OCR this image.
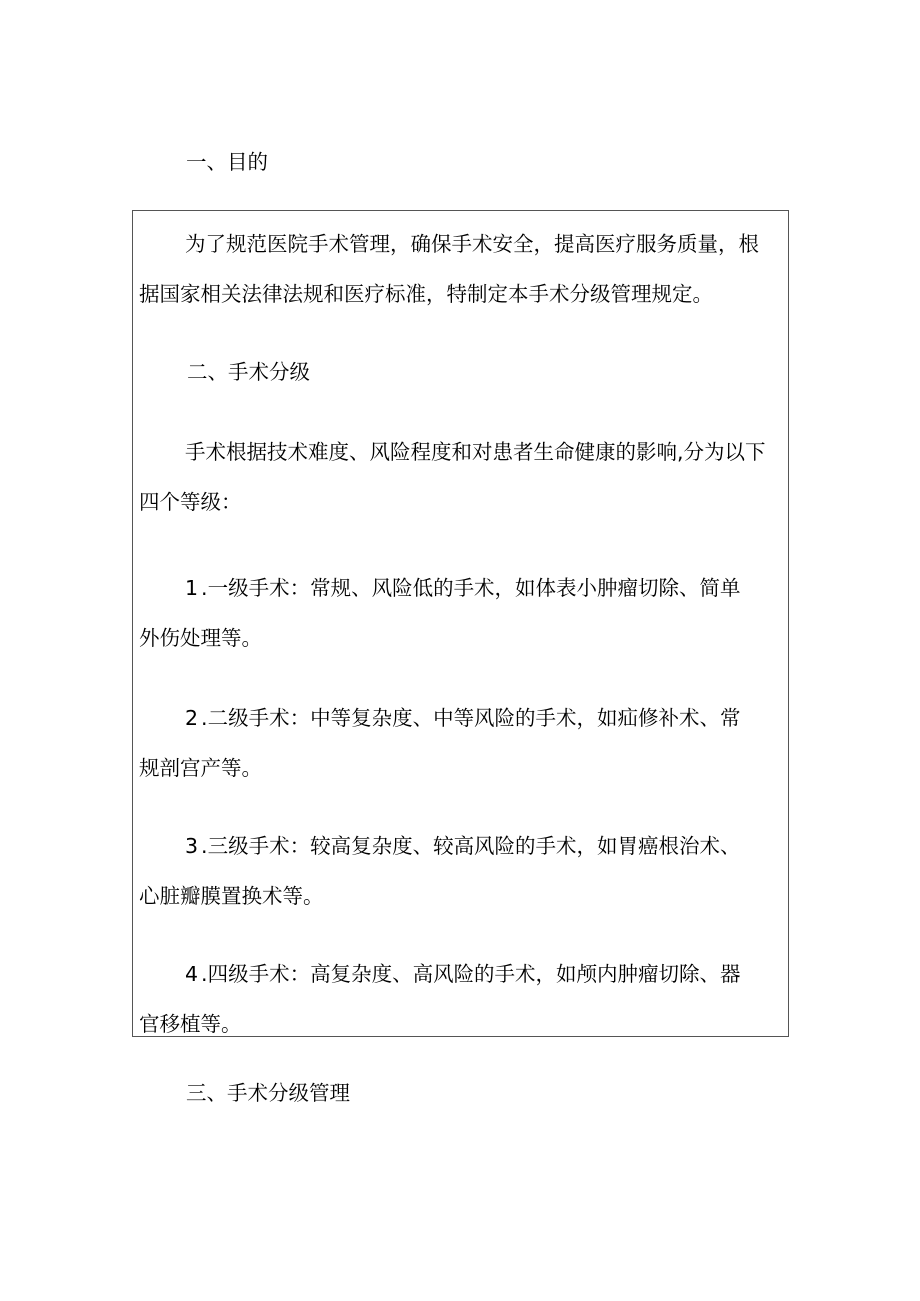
一、目的

为了规范医院手术管理，确保手术安全，提高医疗服务质量，根
据国家相关法律法规和医疗标准，特制定本手术分级管理规定。

二、手术分级

手术根据技术难度、风险程度和对患者生命健康的影响,分为以下
四个等级：

1 .一级手术：常规、风险低的手术，如体表小肿瘤切除、简单
外伤处理等。

2 .二级手术：中等复杂度、中等风险的手术，如疝修补术、常
规剖宫产等。

3 .三级手术：较高复杂度、较高风险的手术，如胃癌根治术、
心脏瓣膜置换术等。

4 .四级手术：高复杂度、高风险的手术，如颅内肿瘤切除、器
官移植等。

三、手术分级管理
